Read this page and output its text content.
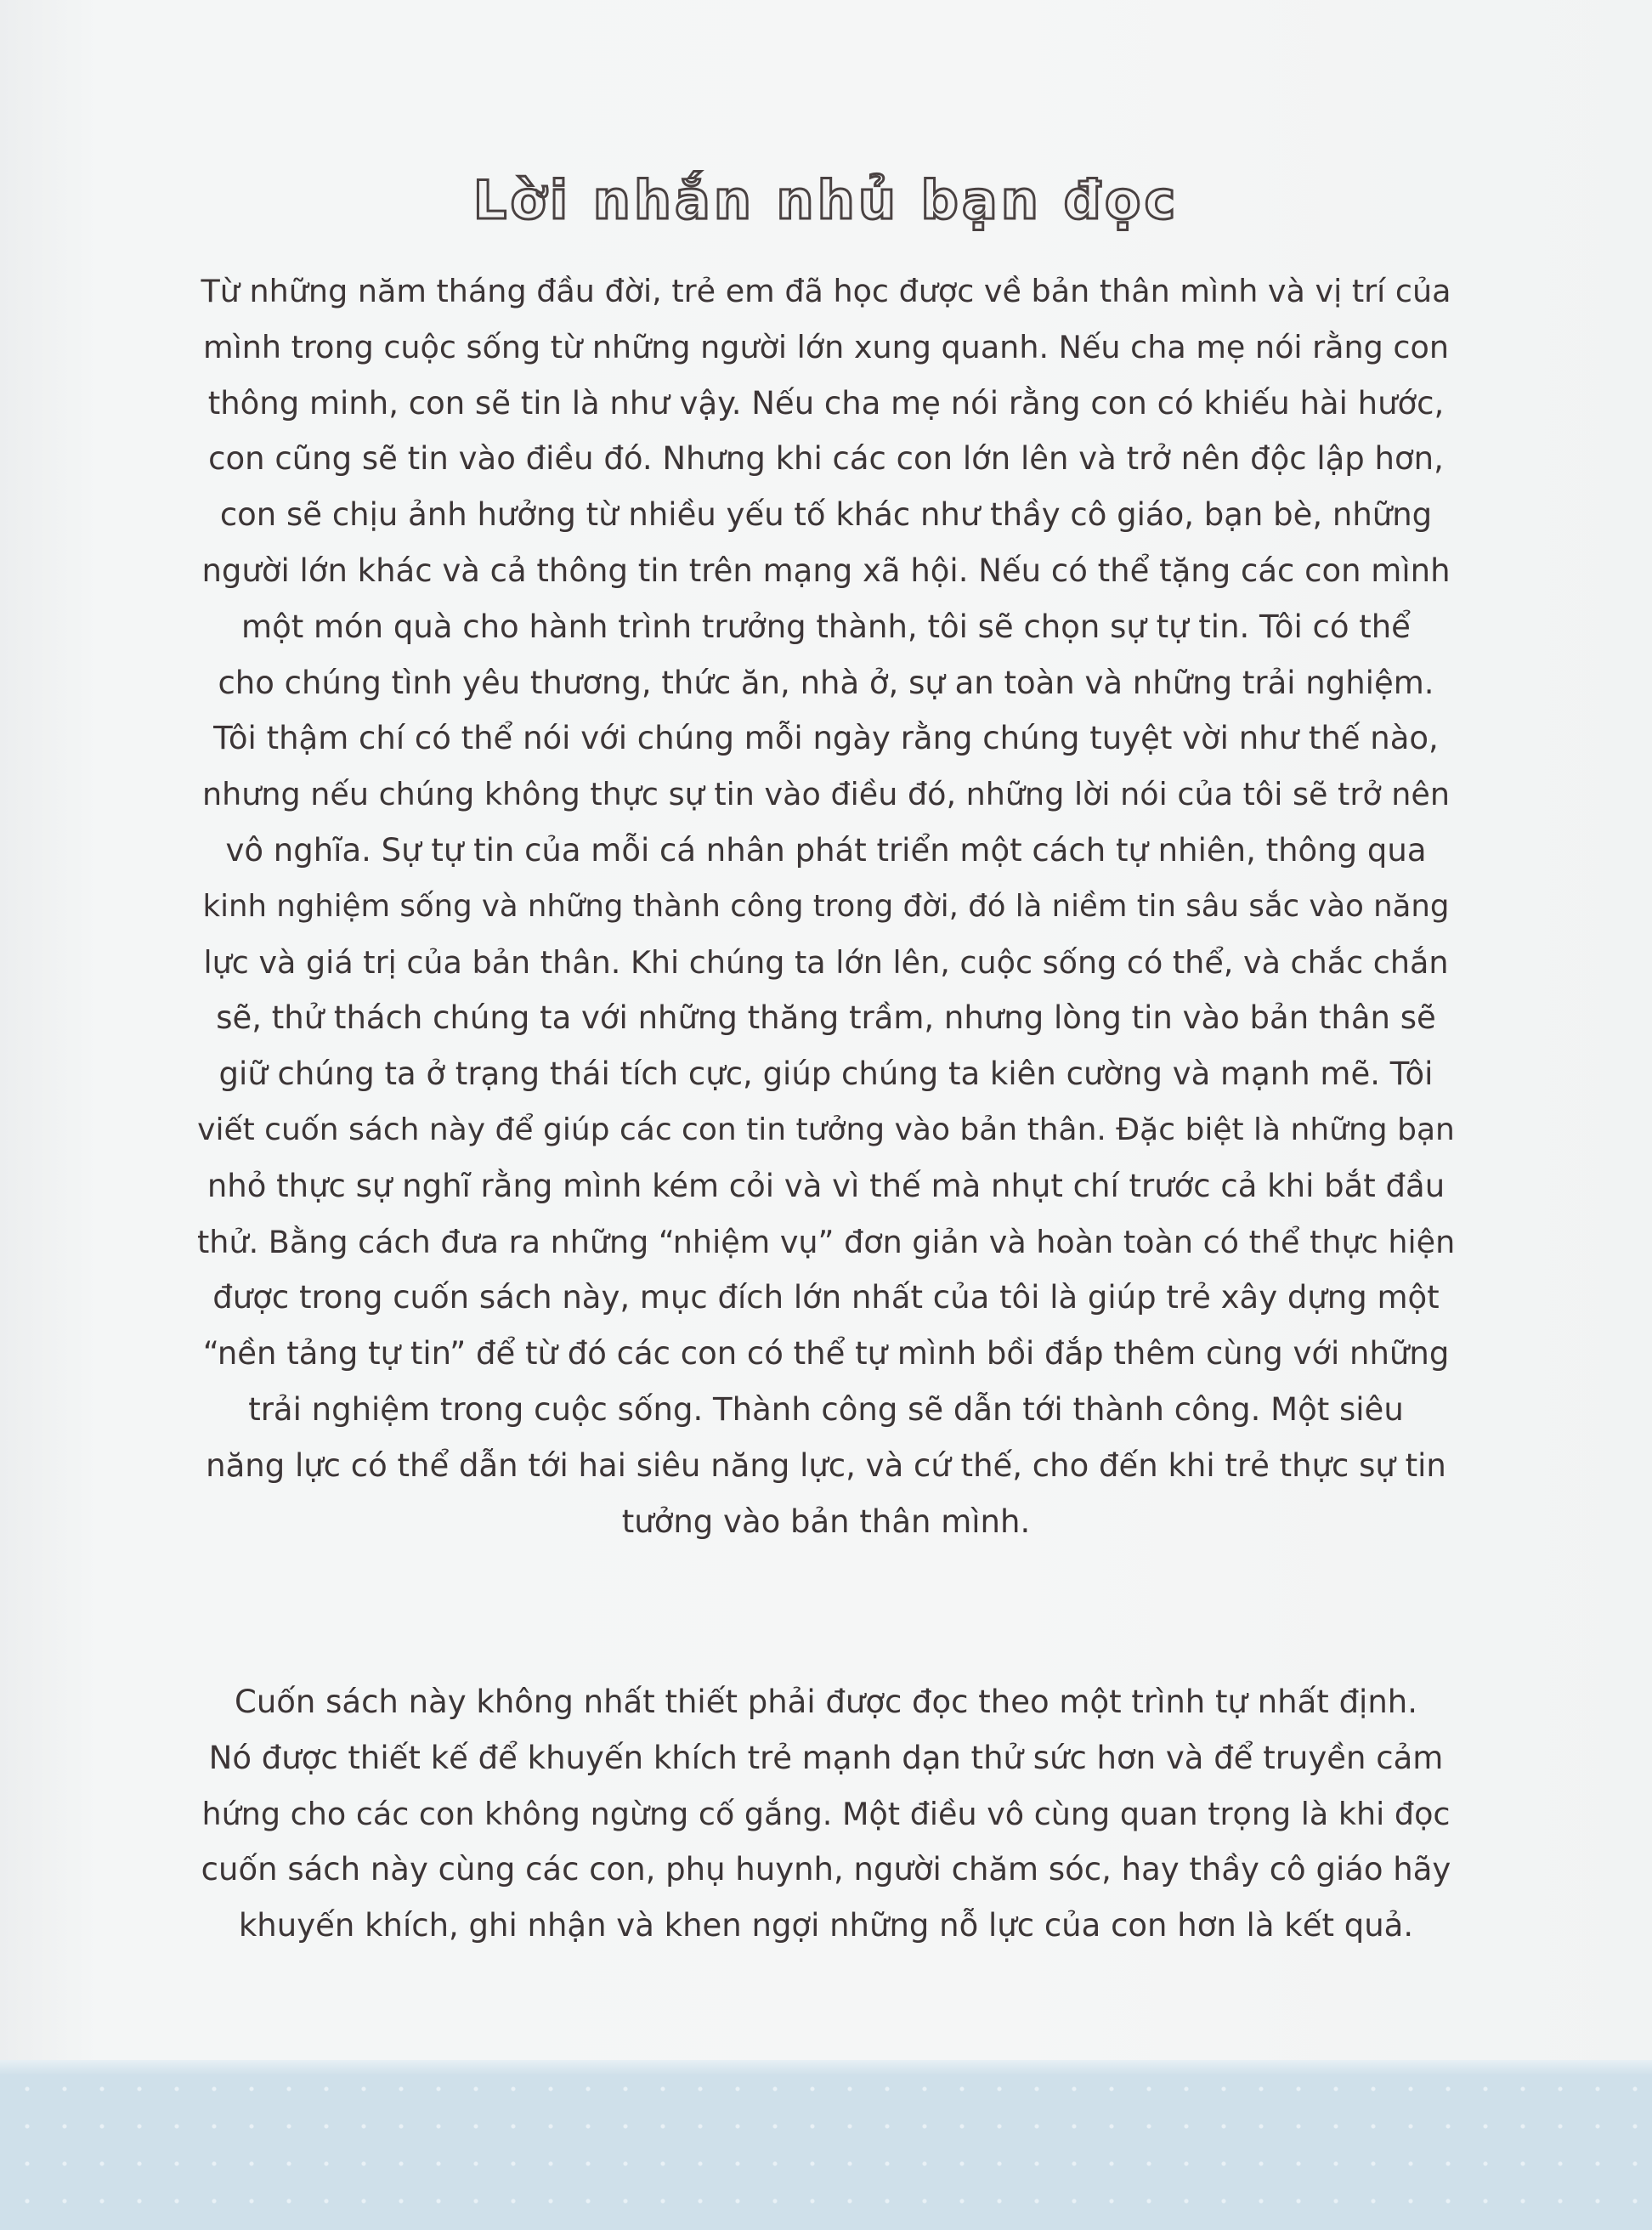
Lời nhắn nhủ bạn đọc
Từ những năm tháng đầu đời, trẻ em đã học được về bản thân mình và vị trí của
mình trong cuộc sống từ những người lớn xung quanh. Nếu cha mẹ nói rằng con
thông minh, con sẽ tin là như vậy. Nếu cha mẹ nói rằng con có khiếu hài hước,
con cũng sẽ tin vào điều đó. Nhưng khi các con lớn lên và trở nên độc lập hơn,
con sẽ chịu ảnh hưởng từ nhiều yếu tố khác như thầy cô giáo, bạn bè, những
người lớn khác và cả thông tin trên mạng xã hội. Nếu có thể tặng các con mình
một món quà cho hành trình trưởng thành, tôi sẽ chọn sự tự tin. Tôi có thể
cho chúng tình yêu thương, thức ăn, nhà ở, sự an toàn và những trải nghiệm.
Tôi thậm chí có thể nói với chúng mỗi ngày rằng chúng tuyệt vời như thế nào,
nhưng nếu chúng không thực sự tin vào điều đó, những lời nói của tôi sẽ trở nên
vô nghĩa. Sự tự tin của mỗi cá nhân phát triển một cách tự nhiên, thông qua
kinh nghiệm sống và những thành công trong đời, đó là niềm tin sâu sắc vào năng
lực và giá trị của bản thân. Khi chúng ta lớn lên, cuộc sống có thể, và chắc chắn
sẽ, thử thách chúng ta với những thăng trầm, nhưng lòng tin vào bản thân sẽ
giữ chúng ta ở trạng thái tích cực, giúp chúng ta kiên cường và mạnh mẽ. Tôi
viết cuốn sách này để giúp các con tin tưởng vào bản thân. Đặc biệt là những bạn
nhỏ thực sự nghĩ rằng mình kém cỏi và vì thế mà nhụt chí trước cả khi bắt đầu
thử. Bằng cách đưa ra những “nhiệm vụ” đơn giản và hoàn toàn có thể thực hiện
được trong cuốn sách này, mục đích lớn nhất của tôi là giúp trẻ xây dựng một
“nền tảng tự tin” để từ đó các con có thể tự mình bồi đắp thêm cùng với những
trải nghiệm trong cuộc sống. Thành công sẽ dẫn tới thành công. Một siêu
năng lực có thể dẫn tới hai siêu năng lực, và cứ thế, cho đến khi trẻ thực sự tin
tưởng vào bản thân mình.
Cuốn sách này không nhất thiết phải được đọc theo một trình tự nhất định.
Nó được thiết kế để khuyến khích trẻ mạnh dạn thử sức hơn và để truyền cảm
hứng cho các con không ngừng cố gắng. Một điều vô cùng quan trọng là khi đọc
cuốn sách này cùng các con, phụ huynh, người chăm sóc, hay thầy cô giáo hãy
khuyến khích, ghi nhận và khen ngợi những nỗ lực của con hơn là kết quả.
